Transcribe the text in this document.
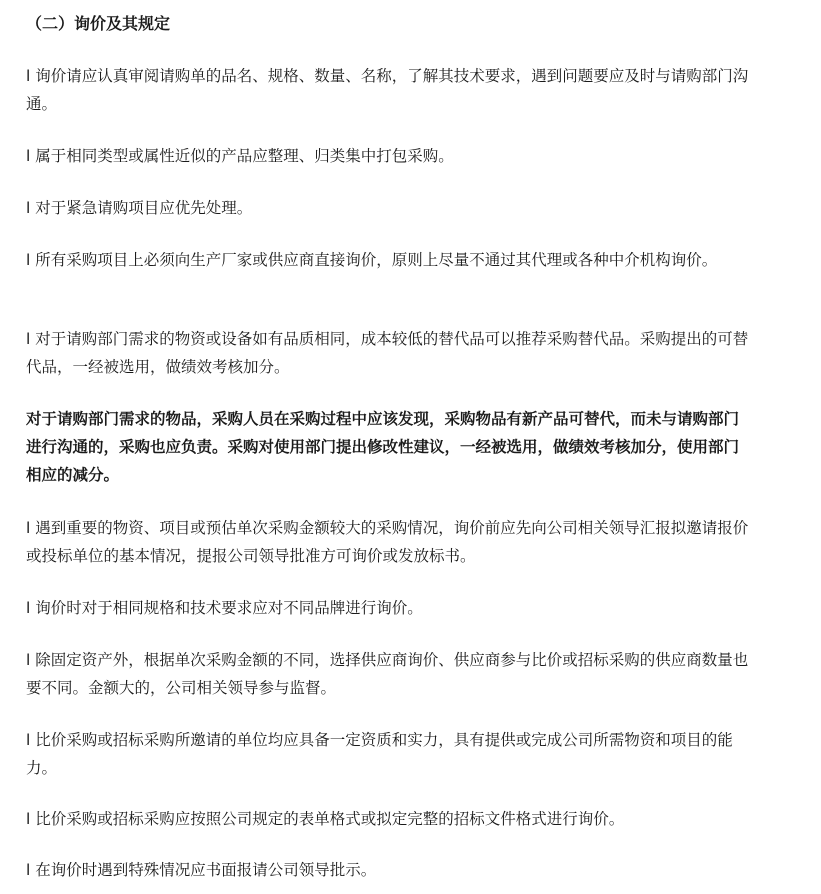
（二）询价及其规定
l 询价请应认真审阅请购单的品名、规格、数量、名称，了解其技术要求，遇到问题要应及时与请购部门沟通。
l 属于相同类型或属性近似的产品应整理、归类集中打包采购。
l 对于紧急请购项目应优先处理。
l 所有采购项目上必须向生产厂家或供应商直接询价，原则上尽量不通过其代理或各种中介机构询价。
l 对于请购部门需求的物资或设备如有品质相同，成本较低的替代品可以推荐采购替代品。采购提出的可替代品，一经被选用，做绩效考核加分。
对于请购部门需求的物品，采购人员在采购过程中应该发现，采购物品有新产品可替代，而未与请购部门进行沟通的，采购也应负责。采购对使用部门提出修改性建议，一经被选用，做绩效考核加分，使用部门相应的减分。
l 遇到重要的物资、项目或预估单次采购金额较大的采购情况，询价前应先向公司相关领导汇报拟邀请报价或投标单位的基本情况，提报公司领导批准方可询价或发放标书。
l 询价时对于相同规格和技术要求应对不同品牌进行询价。
l 除固定资产外，根据单次采购金额的不同，选择供应商询价、供应商参与比价或招标采购的供应商数量也要不同。金额大的，公司相关领导参与监督。
l 比价采购或招标采购所邀请的单位均应具备一定资质和实力，具有提供或完成公司所需物资和项目的能力。
l 比价采购或招标采购应按照公司规定的表单格式或拟定完整的招标文件格式进行询价。
l 在询价时遇到特殊情况应书面报请公司领导批示。
